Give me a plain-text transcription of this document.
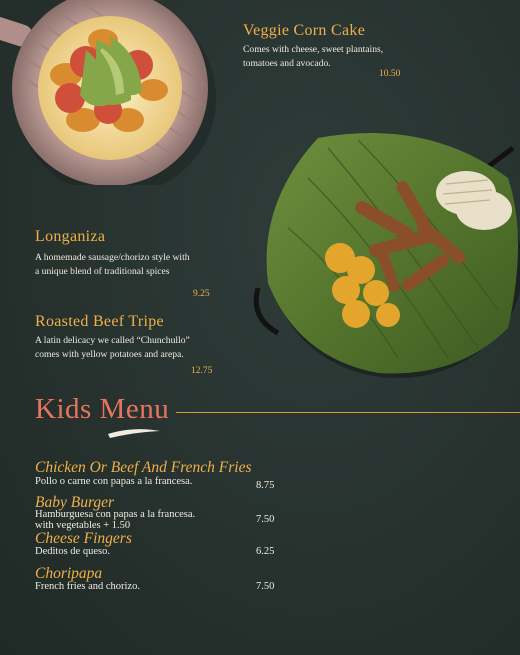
Veggie Corn Cake
Comes with cheese, sweet plantains,
tomatoes and avocado.
10.50
Longaniza
A homemade sausage/chorizo style with
a unique blend of traditional spices
9.25
Roasted Beef Tripe
A latin delicacy we called “Chunchullo”
comes with yellow potatoes and arepa.
12.75
Kids Menu
Chicken Or Beef And French Fries
Pollo o carne con papas a la francesa.	8.75
Baby Burger
Hamburguesa con papas a la francesa.
with vegetables + 1.50
7.50
Cheese Fingers
Deditos de queso.	6.25
Choripapa
French fries and chorizo.	7.50
